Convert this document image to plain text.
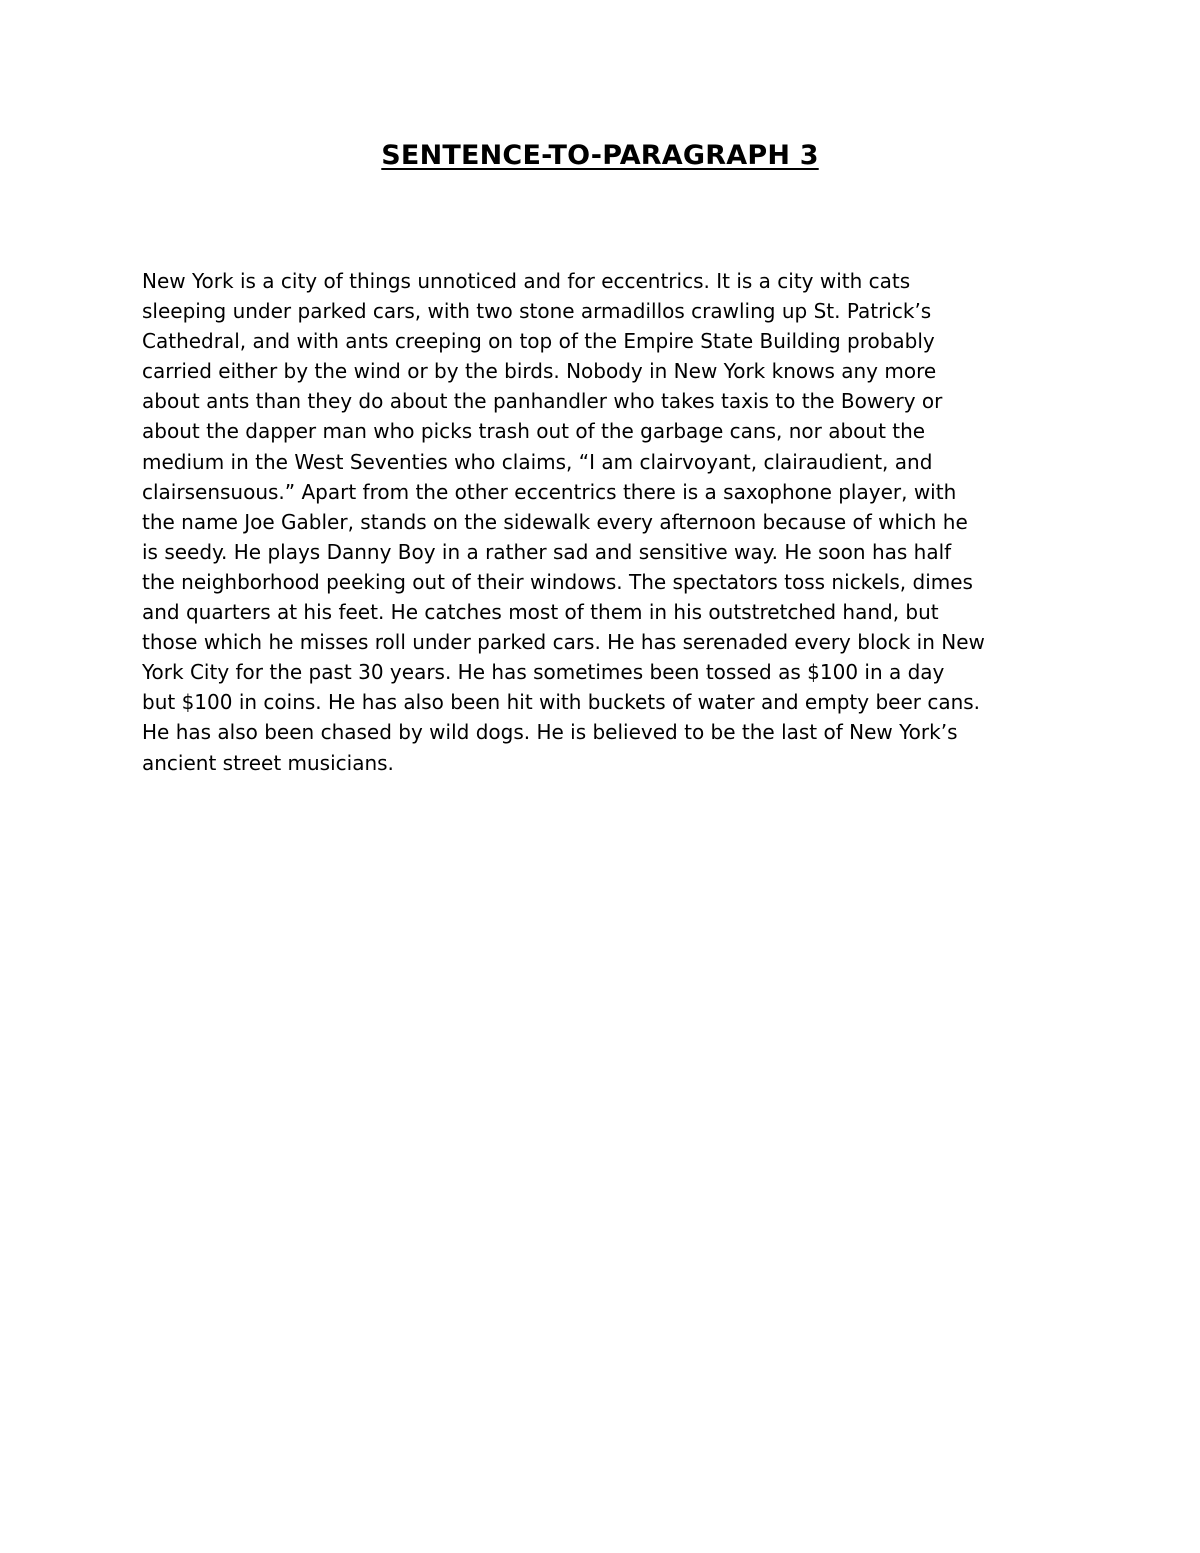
SENTENCE-TO-PARAGRAPH 3
New York is a city of things unnoticed and for eccentrics. It is a city with cats
sleeping under parked cars, with two stone armadillos crawling up St. Patrick’s
Cathedral, and with ants creeping on top of the Empire State Building probably
carried either by the wind or by the birds. Nobody in New York knows any more
about ants than they do about the panhandler who takes taxis to the Bowery or
about the dapper man who picks trash out of the garbage cans, nor about the
medium in the West Seventies who claims, “I am clairvoyant, clairaudient, and
clairsensuous.” Apart from the other eccentrics there is a saxophone player, with
the name Joe Gabler, stands on the sidewalk every afternoon because of which he
is seedy. He plays Danny Boy in a rather sad and sensitive way. He soon has half
the neighborhood peeking out of their windows. The spectators toss nickels, dimes
and quarters at his feet. He catches most of them in his outstretched hand, but
those which he misses roll under parked cars. He has serenaded every block in New
York City for the past 30 years. He has sometimes been tossed as $100 in a day
but $100 in coins. He has also been hit with buckets of water and empty beer cans.
He has also been chased by wild dogs. He is believed to be the last of New York’s
ancient street musicians.
